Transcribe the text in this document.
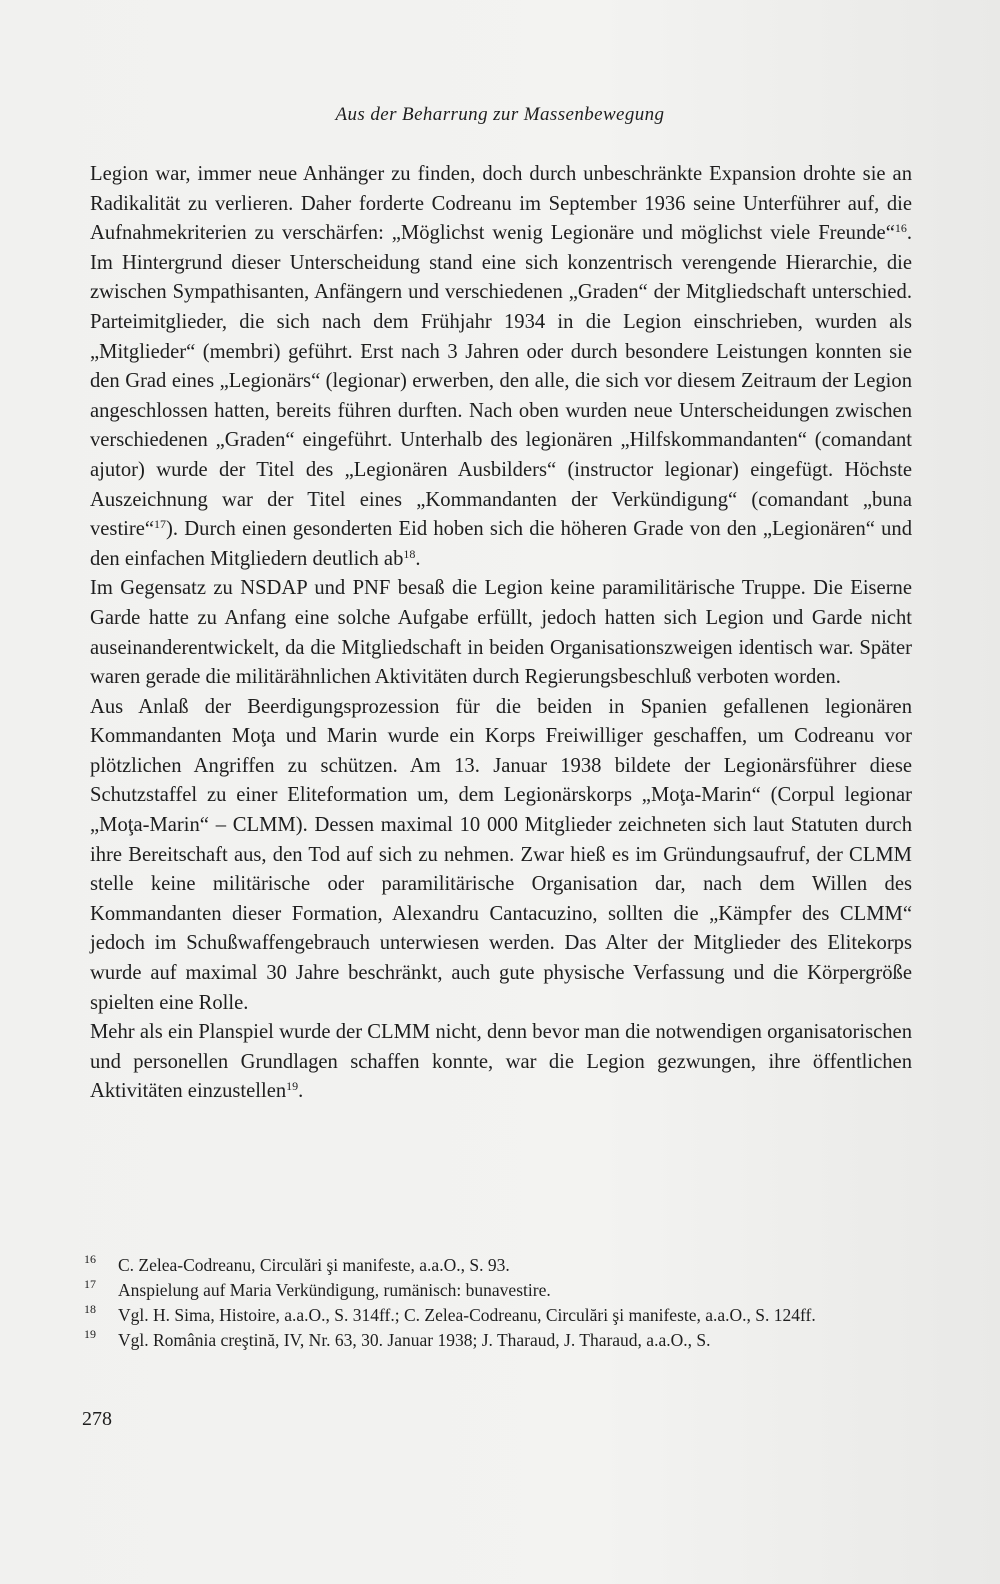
Aus der Beharrung zur Massenbewegung

Legion war, immer neue Anhänger zu finden, doch durch unbeschränkte Expansion drohte sie an Radikalität zu verlieren. Daher forderte Codreanu im September 1936 seine Unterführer auf, die Aufnahmekriterien zu verschärfen: „Möglichst wenig Legionäre und möglichst viele Freunde“$^{16}$. Im Hintergrund dieser Unterscheidung stand eine sich konzentrisch verengende Hierarchie, die zwischen Sympathisanten, Anfängern und verschiedenen „Graden“ der Mitgliedschaft unterschied. Parteimitglieder, die sich nach dem Frühjahr 1934 in die Legion einschrieben, wurden als „Mitglieder“ (membri) geführt. Erst nach 3 Jahren oder durch besondere Leistungen konnten sie den Grad eines „Legionärs“ (legionar) erwerben, den alle, die sich vor diesem Zeitraum der Legion angeschlossen hatten, bereits führen durften. Nach oben wurden neue Unterscheidungen zwischen verschiedenen „Graden“ eingeführt. Unterhalb des legionären „Hilfskommandanten“ (comandant ajutor) wurde der Titel des „Legionären Ausbilders“ (instructor legionar) eingefügt. Höchste Auszeichnung war der Titel eines „Kommandanten der Verkündigung“ (comandant „buna vestire“$^{17}$). Durch einen gesonderten Eid hoben sich die höheren Grade von den „Legionären“ und den einfachen Mitgliedern deutlich $ab^{18}$.

Im Gegensatz zu NSDAP und PNF besaß die Legion keine paramilitärische Truppe. Die Eiserne Garde hatte zu Anfang eine solche Aufgabe erfüllt, jedoch hatten sich Legion und Garde nicht auseinanderentwickelt, da die Mitgliedschaft in beiden Organisationszweigen identisch war. Später waren gerade die militärähnlichen Aktivitäten durch Regierungsbeschluß verboten worden.

Aus Anlaß der Beerdigungsprozession für die beiden in Spanien gefallenen legionären Kommandanten Moţa und Marin wurde ein Korps Freiwilliger geschaffen, um Codreanu vor plötzlichen Angriffen zu schützen. Am 13. Januar 1938 bildete der Legionärsführer diese Schutzstaffel zu einer Eliteformation um, dem Legionärskorps „Moţa-Marin“ (Corpul legionar „Moţa-Marin“ – CLMM). Dessen maximal 10 000 Mitglieder zeichneten sich laut Statuten durch ihre Bereitschaft aus, den Tod auf sich zu nehmen. Zwar hieß es im Gründungsaufruf, der CLMM stelle keine militärische oder paramilitärische Organisation dar, nach dem Willen des Kommandanten dieser Formation, Alexandru Cantacuzino, sollten die „Kämpfer des CLMM“ jedoch im Schußwaffengebrauch unterwiesen werden. Das Alter der Mitglieder des Elitekorps wurde auf maximal 30 Jahre beschränkt, auch gute physische Verfassung und die Körpergröße spielten eine Rolle.

Mehr als ein Planspiel wurde der CLMM nicht, denn bevor man die notwendigen organisatorischen und personellen Grundlagen schaffen konnte, war die Legion gezwungen, ihre öffentlichen Aktivitäten einzustellen$^{19}$.

16 C. Zelea-Codreanu, Circulări şi manifeste, a.a.O., S. 93.
17 Anspielung auf Maria Verkündigung, rumänisch: bunavestire.
18 Vgl. H. Sima, Histoire, a.a.O., S. 314ff.; C. Zelea-Codreanu, Circulări şi manifeste, a.a.O., S. 124ff.
19 Vgl. România creştină, IV, Nr. 63, 30. Januar 1938; J. Tharaud, J. Tharaud, a.a.O., S.
278
